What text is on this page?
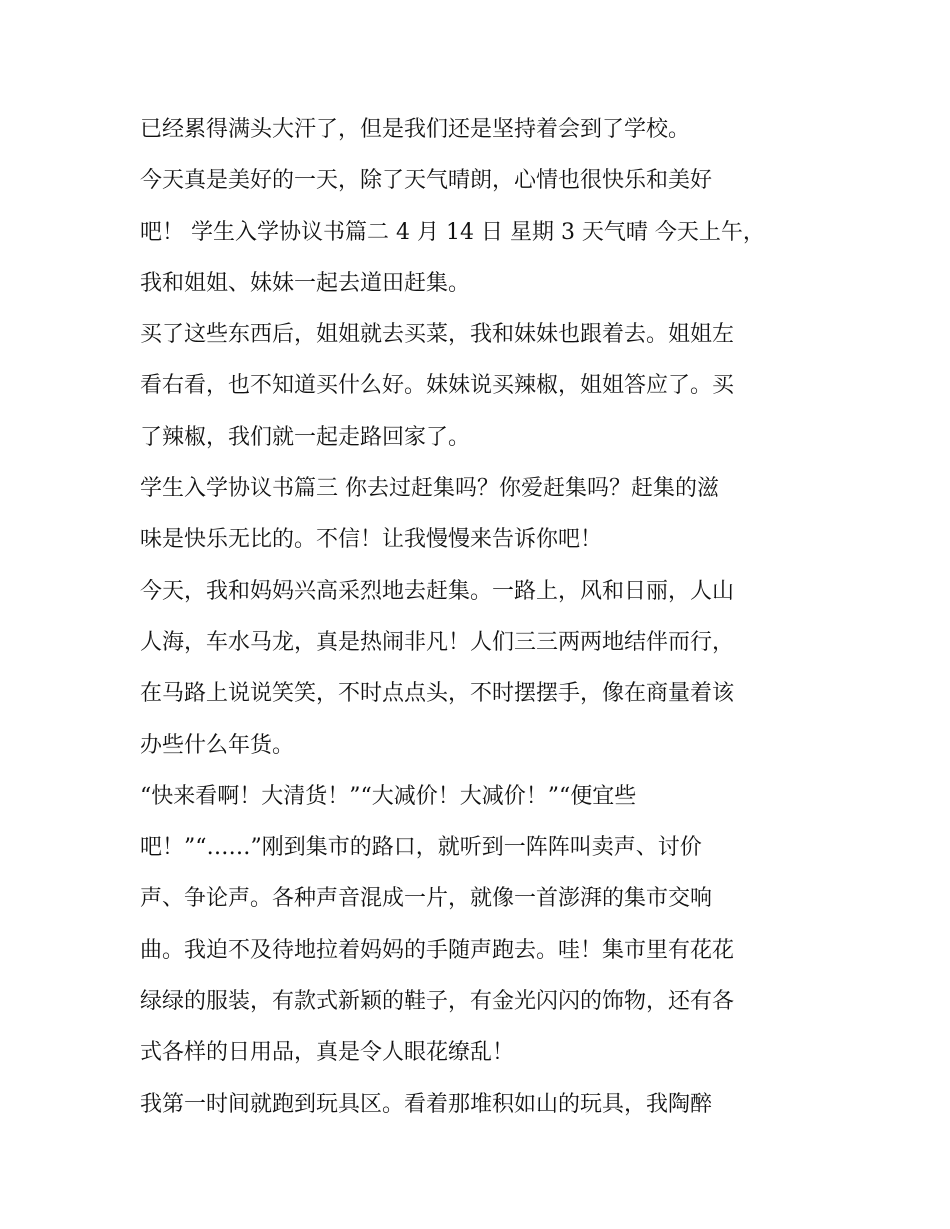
已经累得满头大汗了，但是我们还是坚持着会到了学校。
今天真是美好的一天，除了天气晴朗，心情也很快乐和美好
吧！ 学生入学协议书篇二 4 月 14 日 星期 3 天气晴 今天上午，
我和姐姐、妹妹一起去道田赶集。
买了这些东西后，姐姐就去买菜，我和妹妹也跟着去。姐姐左
看右看，也不知道买什么好。妹妹说买辣椒，姐姐答应了。买
了辣椒，我们就一起走路回家了。
学生入学协议书篇三 你去过赶集吗？你爱赶集吗？赶集的滋
味是快乐无比的。不信！让我慢慢来告诉你吧！
今天，我和妈妈兴高采烈地去赶集。一路上，风和日丽，人山
人海，车水马龙，真是热闹非凡！人们三三两两地结伴而行，
在马路上说说笑笑，不时点点头，不时摆摆手，像在商量着该
办些什么年货。
“快来看啊！大清货！”“大减价！大减价！”“便宜些
吧！”“……”刚到集市的路口，就听到一阵阵叫卖声、讨价
声、争论声。各种声音混成一片，就像一首澎湃的集市交响
曲。我迫不及待地拉着妈妈的手随声跑去。哇！集市里有花花
绿绿的服装，有款式新颖的鞋子，有金光闪闪的饰物，还有各
式各样的日用品，真是令人眼花缭乱！
我第一时间就跑到玩具区。看着那堆积如山的玩具，我陶醉
